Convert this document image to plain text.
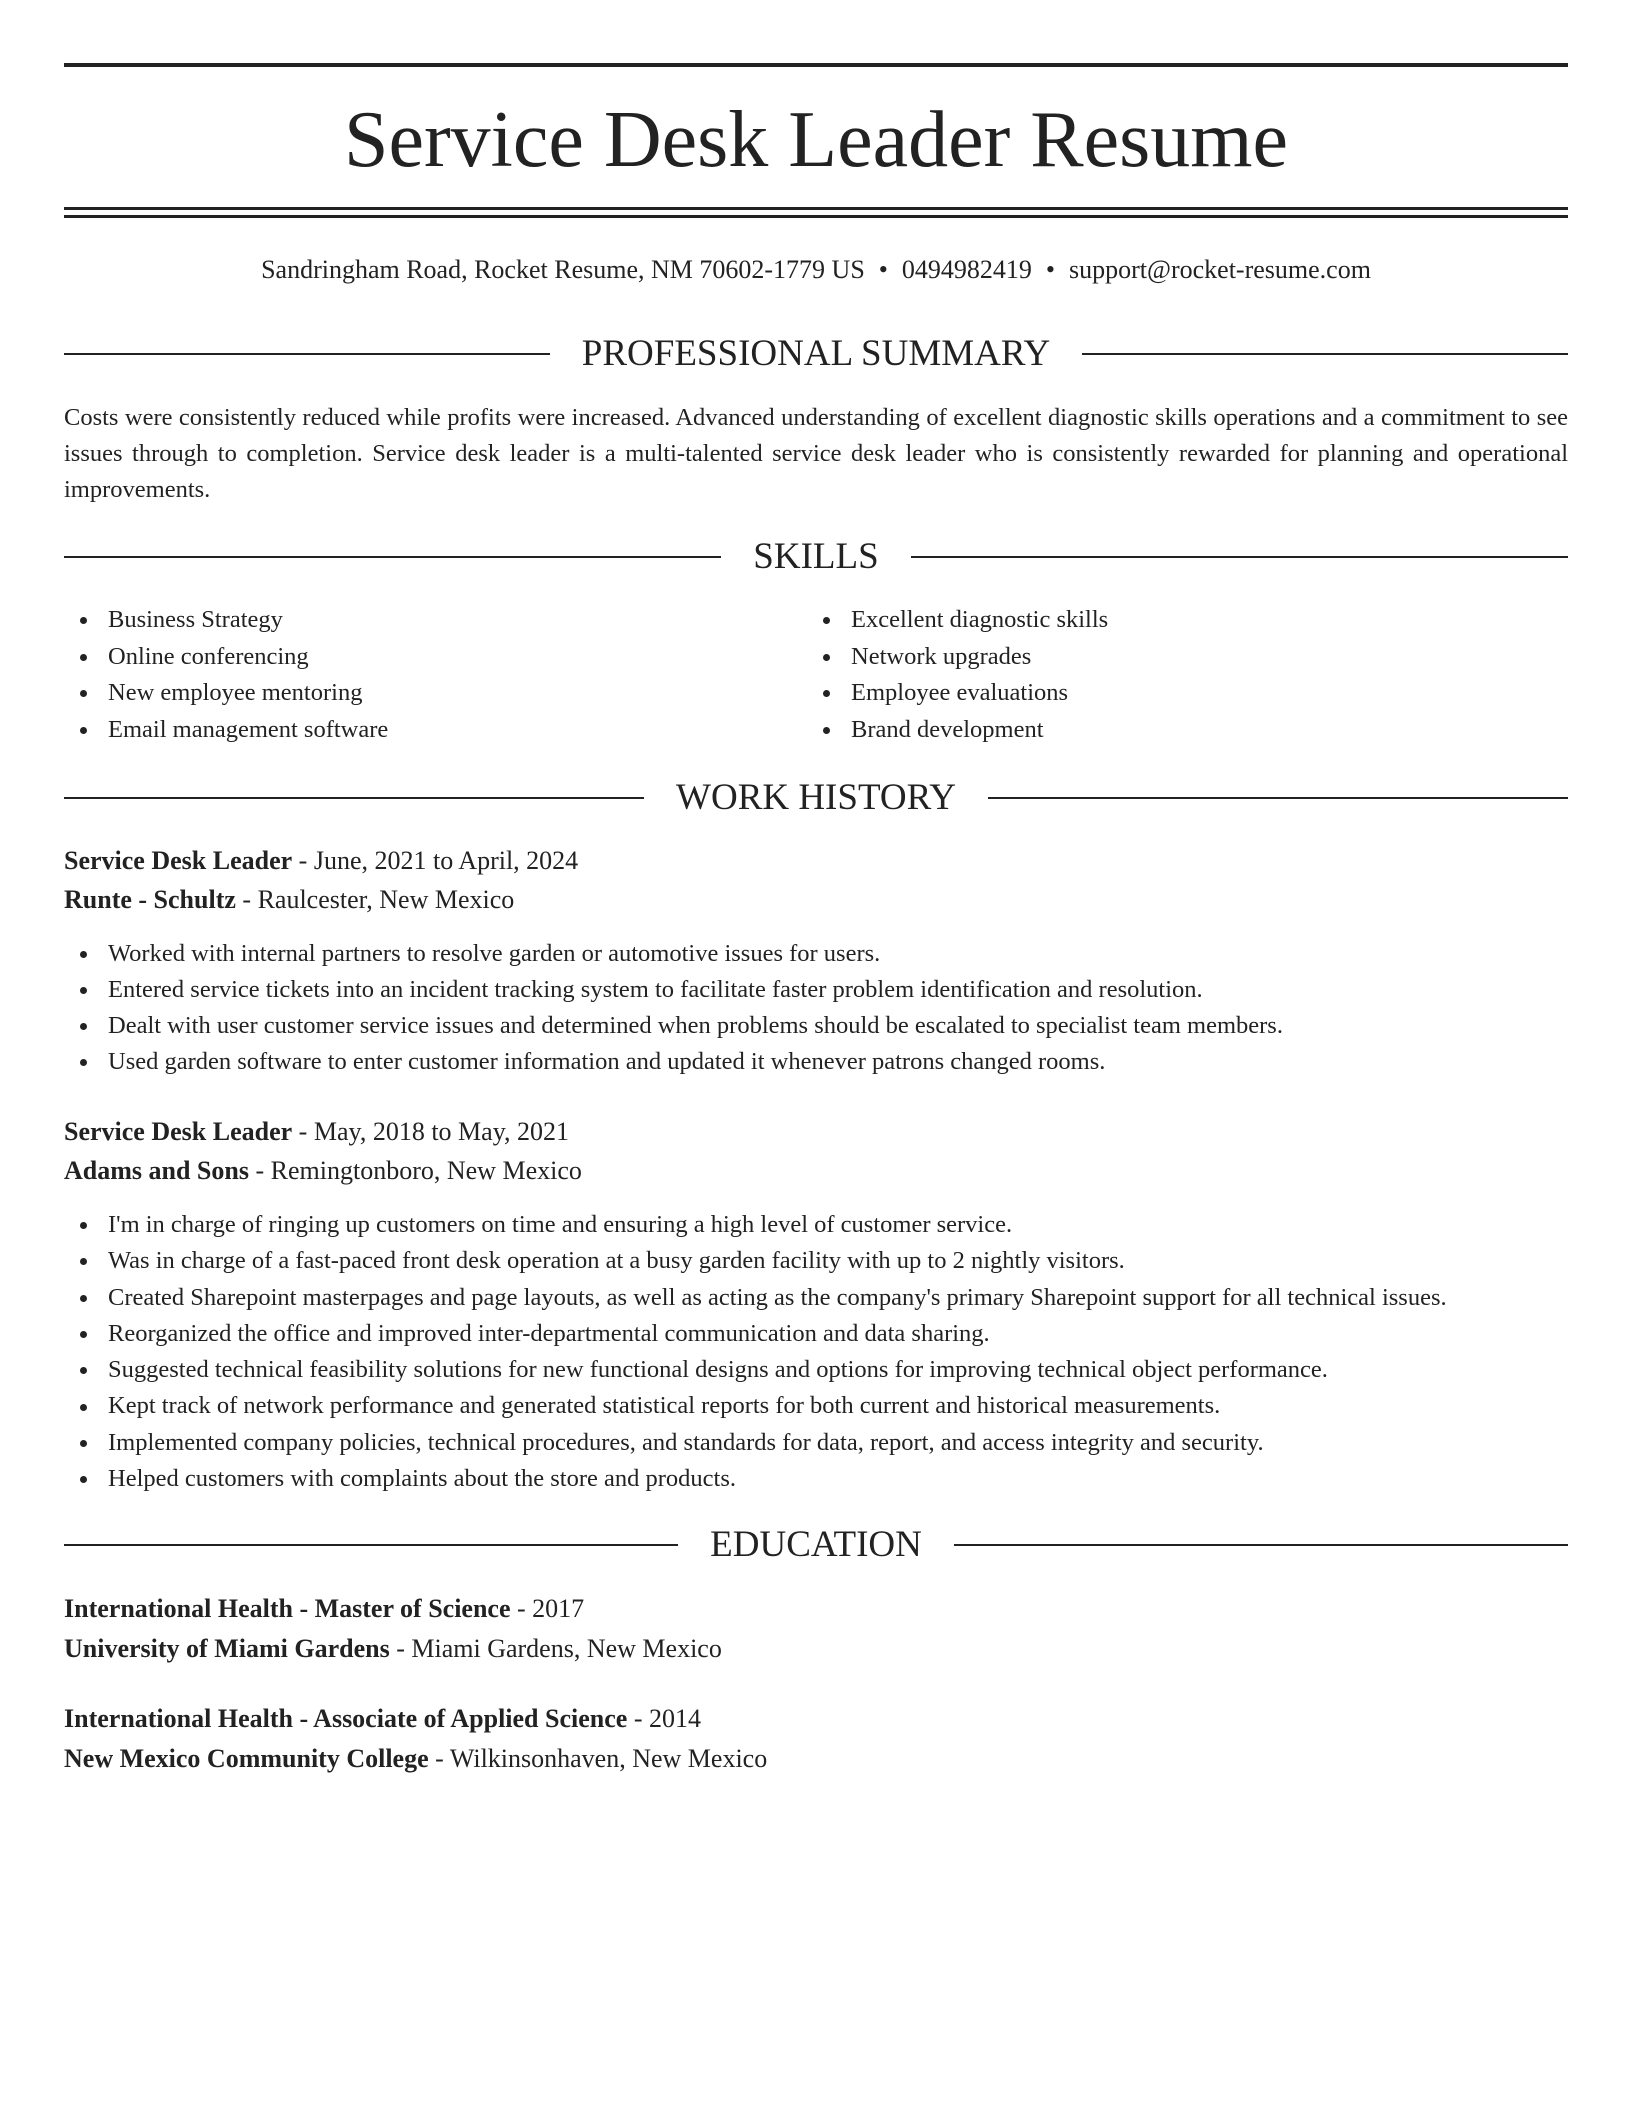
Service Desk Leader Resume
Sandringham Road, Rocket Resume, NM 70602-1779 US • 0494982419 • support@rocket-resume.com
PROFESSIONAL SUMMARY
Costs were consistently reduced while profits were increased. Advanced understanding of excellent diagnostic skills operations and a commitment to see issues through to completion. Service desk leader is a multi-talented service desk leader who is consistently rewarded for planning and operational improvements.
SKILLS
Business Strategy
Online conferencing
New employee mentoring
Email management software
Excellent diagnostic skills
Network upgrades
Employee evaluations
Brand development
WORK HISTORY
Service Desk Leader - June, 2021 to April, 2024
Runte - Schultz - Raulcester, New Mexico
Worked with internal partners to resolve garden or automotive issues for users.
Entered service tickets into an incident tracking system to facilitate faster problem identification and resolution.
Dealt with user customer service issues and determined when problems should be escalated to specialist team members.
Used garden software to enter customer information and updated it whenever patrons changed rooms.
Service Desk Leader - May, 2018 to May, 2021
Adams and Sons - Remingtonboro, New Mexico
I'm in charge of ringing up customers on time and ensuring a high level of customer service.
Was in charge of a fast-paced front desk operation at a busy garden facility with up to 2 nightly visitors.
Created Sharepoint masterpages and page layouts, as well as acting as the company's primary Sharepoint support for all technical issues.
Reorganized the office and improved inter-departmental communication and data sharing.
Suggested technical feasibility solutions for new functional designs and options for improving technical object performance.
Kept track of network performance and generated statistical reports for both current and historical measurements.
Implemented company policies, technical procedures, and standards for data, report, and access integrity and security.
Helped customers with complaints about the store and products.
EDUCATION
International Health - Master of Science - 2017
University of Miami Gardens - Miami Gardens, New Mexico
International Health - Associate of Applied Science - 2014
New Mexico Community College - Wilkinsonhaven, New Mexico
